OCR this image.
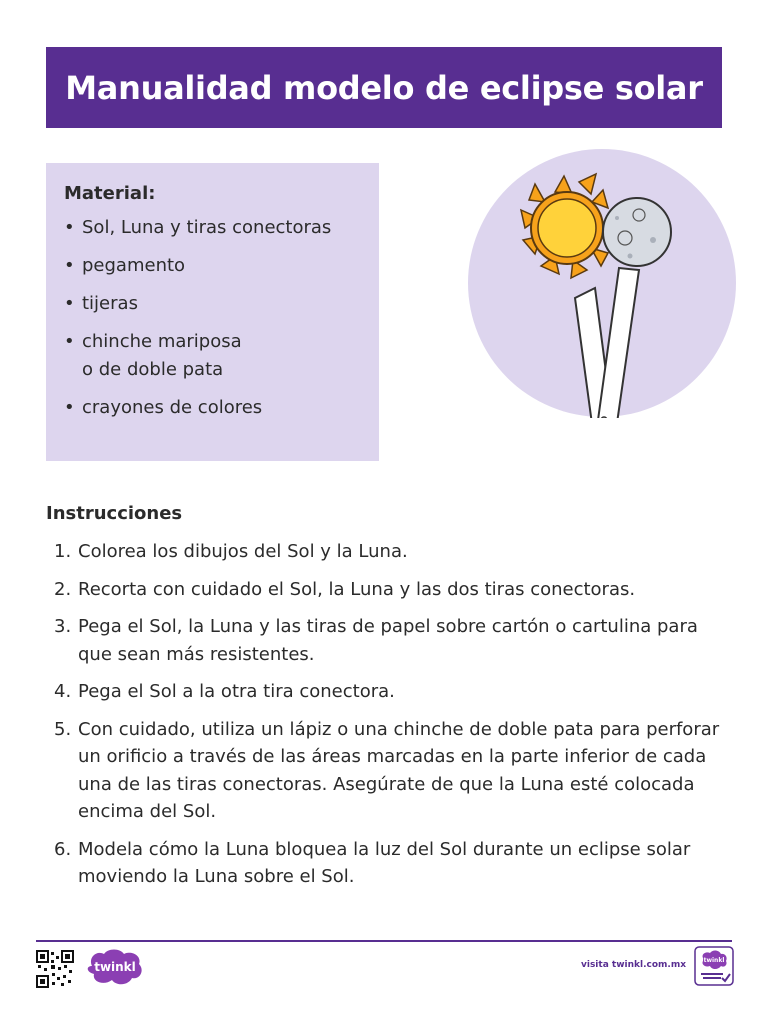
Manualidad modelo de eclipse solar
Material:
• Sol, Luna y tiras conectoras
• pegamento
• tijeras
• chinche mariposa
o de doble pata
• crayones de colores
Instrucciones
1. Colorea los dibujos del Sol y la Luna.
2. Recorta con cuidado el Sol, la Luna y las dos tiras conectoras.
3. Pega el Sol, la Luna y las tiras de papel sobre cartón o cartulina para que sean más resistentes.
4. Pega el Sol a la otra tira conectora.
5. Con cuidado, utiliza un lápiz o una chinche de doble pata para perforar un orificio a través de las áreas marcadas en la parte inferior de cada una de las tiras conectoras. Asegúrate de que la Luna esté colocada encima del Sol.
6. Modela cómo la Luna bloquea la luz del Sol durante un eclipse solar moviendo la Luna sobre el Sol.
twinkl	visita twinkl.com.mx	twinkl
